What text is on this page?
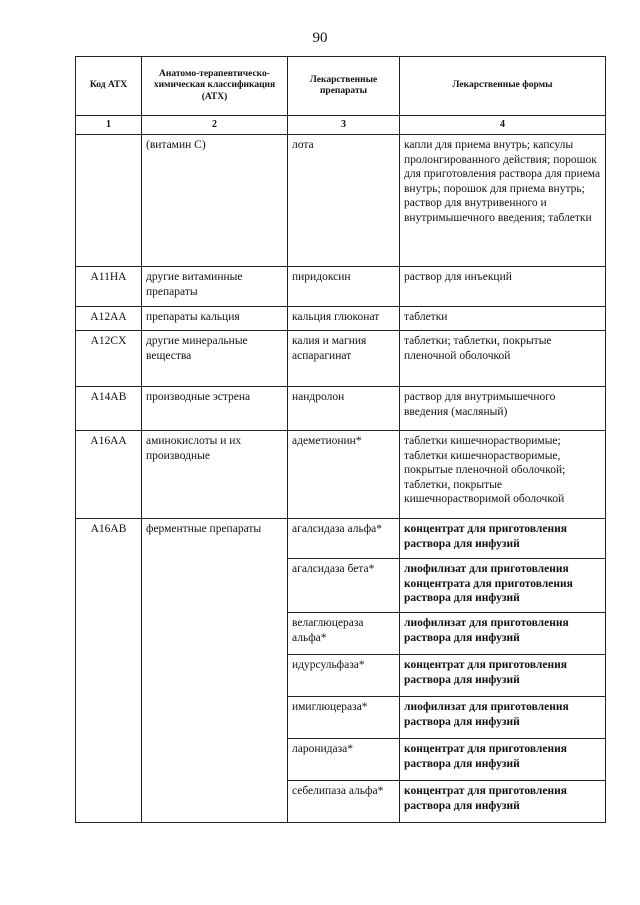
90
Код АТХ	Анатомо-терапевтическо-химическая классификация (АТХ)	Лекарственные препараты	Лекарственные формы
1	2	3	4
	(витамин С)	лота	капли для приема внутрь; капсулы пролонгированного действия; порошок для приготовления раствора для приема внутрь; порошок для приема внутрь; раствор для внутривенного и внутримышечного введения; таблетки
A11HA	другие витаминные препараты	пиридоксин	раствор для инъекций
A12AA	препараты кальция	кальция глюконат	таблетки
A12CX	другие минеральные вещества	калия и магния аспарагинат	таблетки; таблетки, покрытые пленочной оболочкой
A14AB	производные эстрена	нандролон	раствор для внутримышечного введения (масляный)
A16AA	аминокислоты и их производные	адеметионин*	таблетки кишечнорастворимые; таблетки кишечнорастворимые, покрытые пленочной оболочкой; таблетки, покрытые кишечнорастворимой оболочкой
A16AB	ферментные препараты	агалсидаза альфа*	концентрат для приготовления раствора для инфузий
		агалсидаза бета*	лиофилизат для приготовления концентрата для приготовления раствора для инфузий
		велаглюцераза альфа*	лиофилизат для приготовления раствора для инфузий
		идурсульфаза*	концентрат для приготовления раствора для инфузий
		имиглюцераза*	лиофилизат для приготовления раствора для инфузий
		ларонидаза*	концентрат для приготовления раствора для инфузий
		себелипаза альфа*	концентрат для приготовления раствора для инфузий
